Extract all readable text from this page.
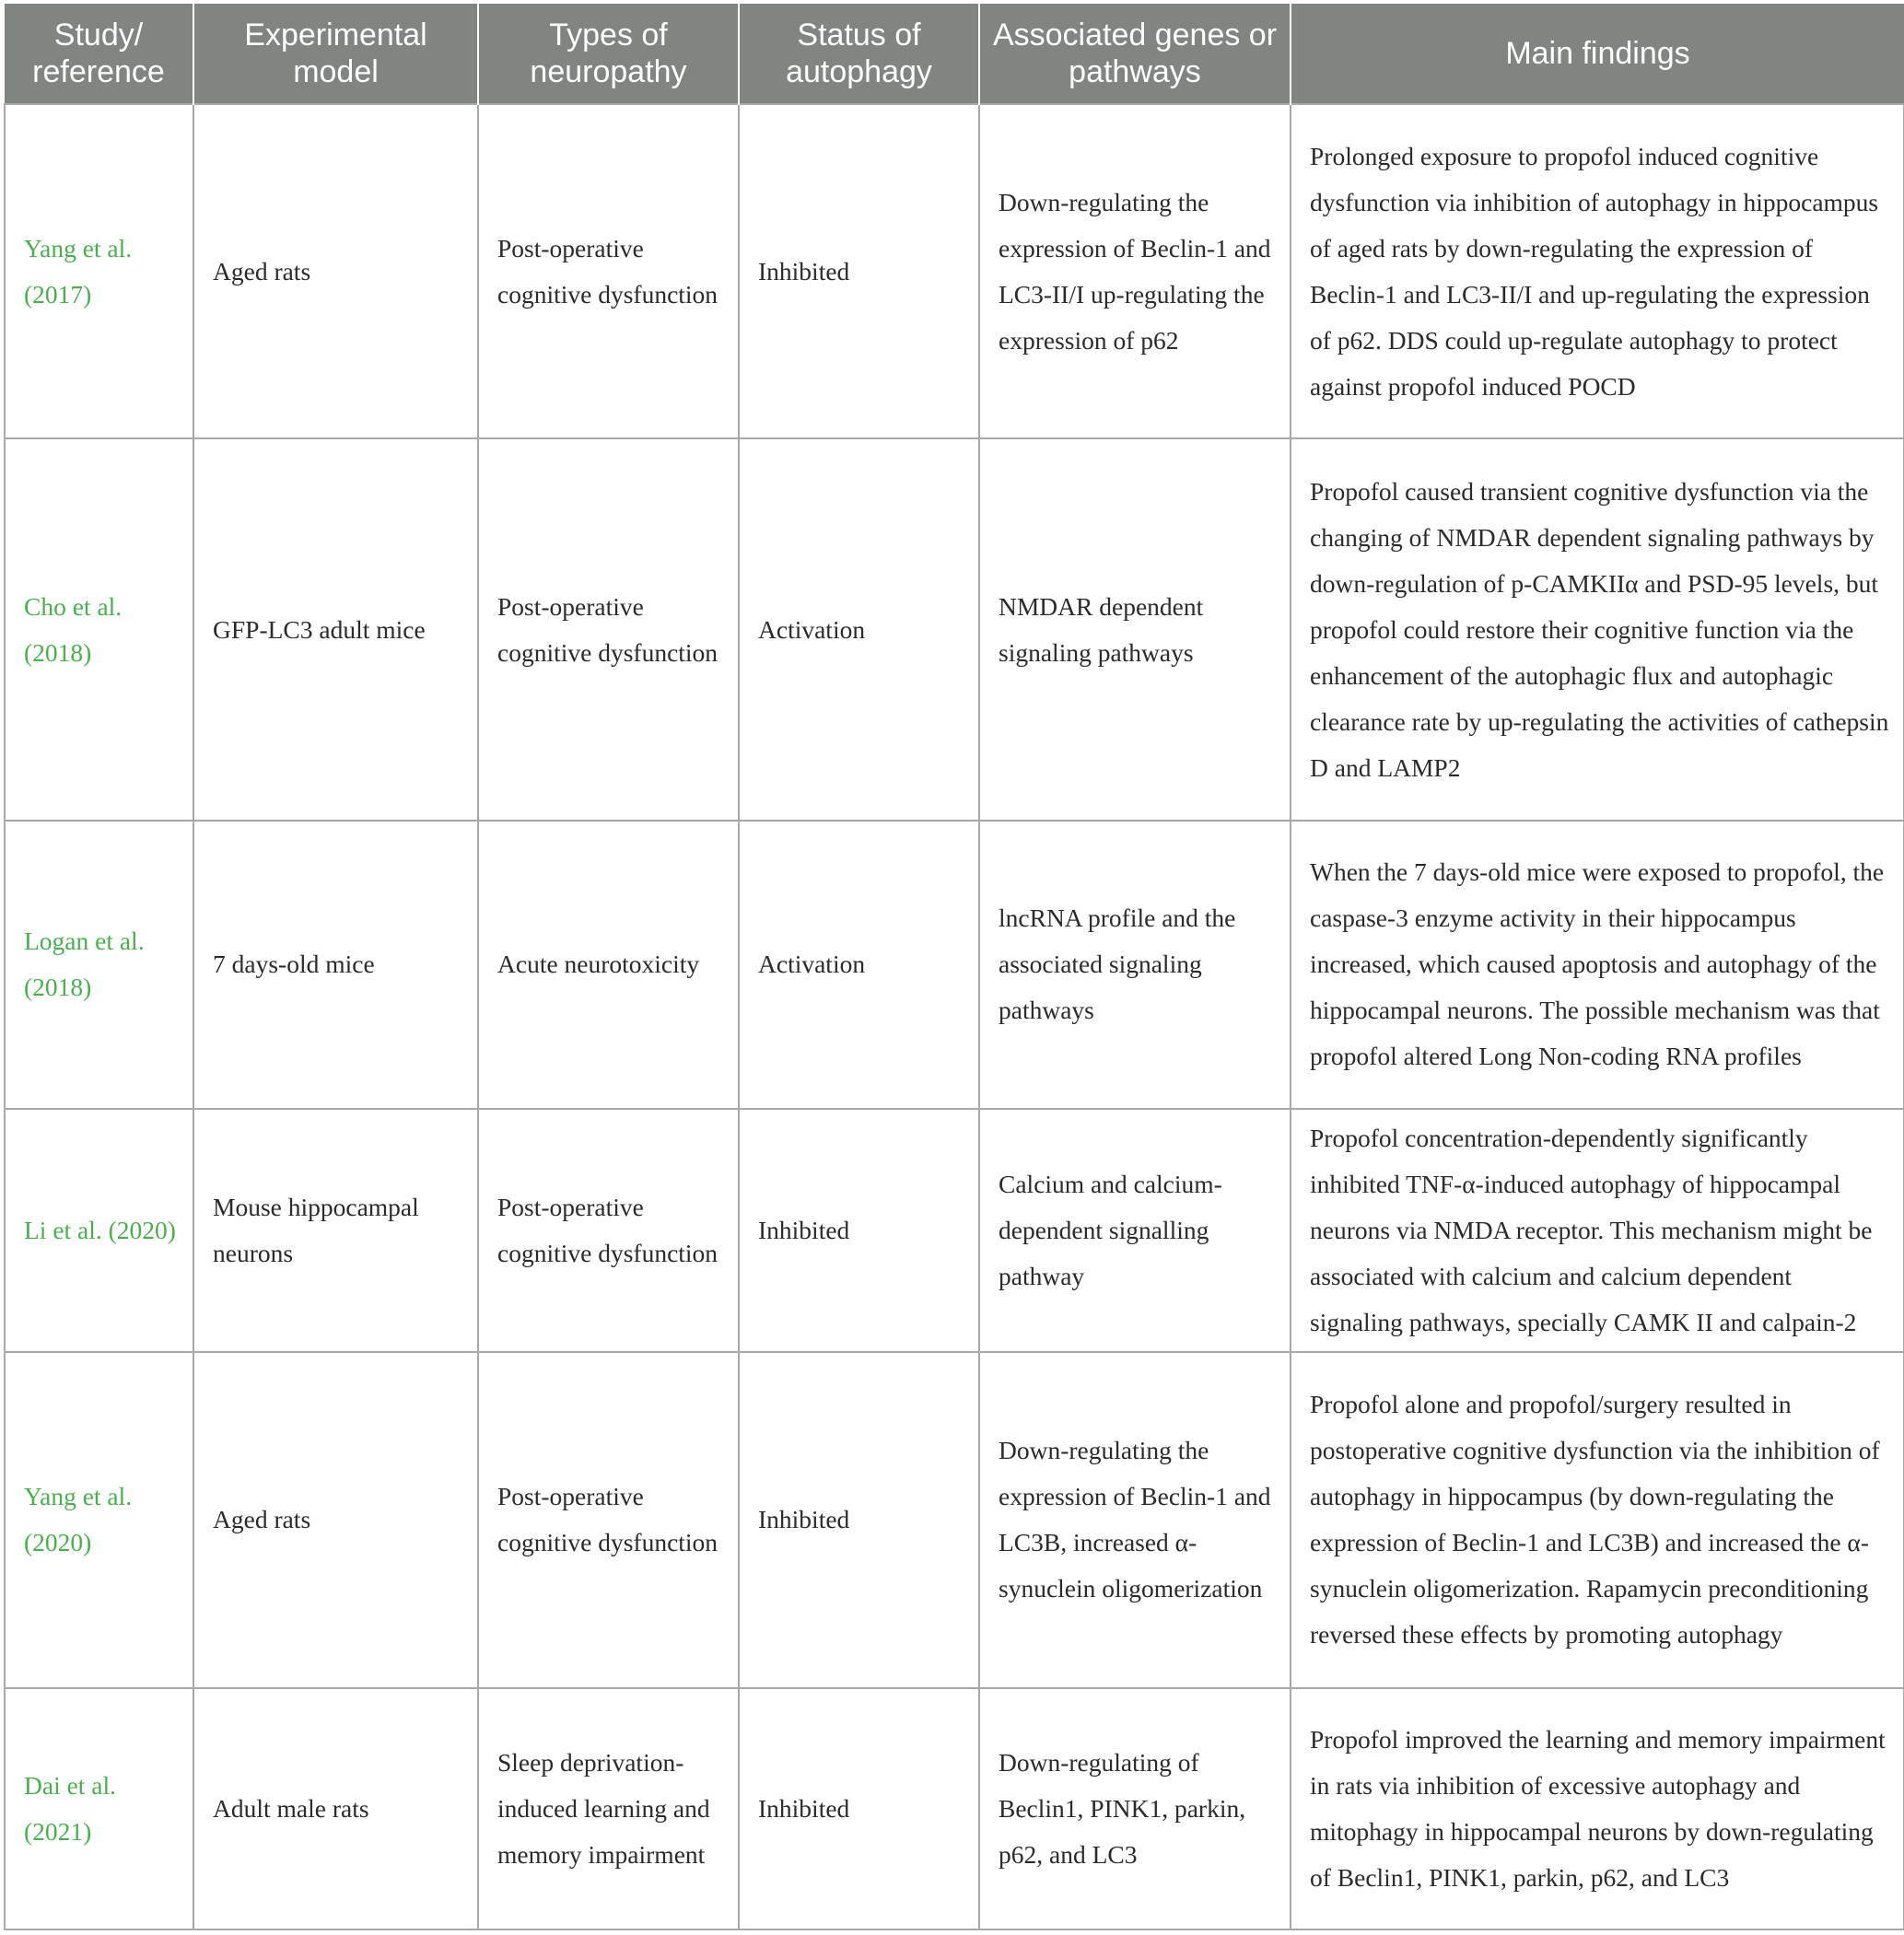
Study/ reference	Experimental model	Types of neuropathy	Status of autophagy	Associated genes or pathways	Main findings
Yang et al. (2017)	Aged rats	Post-operative cognitive dysfunction	Inhibited	Down-regulating the expression of Beclin-1 and LC3-II/I up-regulating the expression of p62	Prolonged exposure to propofol induced cognitive dysfunction via inhibition of autophagy in hippocampus of aged rats by down-regulating the expression of Beclin-1 and LC3-II/I and up-regulating the expression of p62. DDS could up-regulate autophagy to protect against propofol induced POCD
Cho et al. (2018)	GFP-LC3 adult mice	Post-operative cognitive dysfunction	Activation	NMDAR dependent signaling pathways	Propofol caused transient cognitive dysfunction via the changing of NMDAR dependent signaling pathways by down-regulation of p-CAMKIIα and PSD-95 levels, but propofol could restore their cognitive function via the enhancement of the autophagic flux and autophagic clearance rate by up-regulating the activities of cathepsin D and LAMP2
Logan et al. (2018)	7 days-old mice	Acute neurotoxicity	Activation	lncRNA profile and the associated signaling pathways	When the 7 days-old mice were exposed to propofol, the caspase-3 enzyme activity in their hippocampus increased, which caused apoptosis and autophagy of the hippocampal neurons. The possible mechanism was that propofol altered Long Non-coding RNA profiles
Li et al. (2020)	Mouse hippocampal neurons	Post-operative cognitive dysfunction	Inhibited	Calcium and calcium-dependent signalling pathway	Propofol concentration-dependently significantly inhibited TNF-α-induced autophagy of hippocampal neurons via NMDA receptor. This mechanism might be associated with calcium and calcium dependent signaling pathways, specially CAMK II and calpain-2
Yang et al. (2020)	Aged rats	Post-operative cognitive dysfunction	Inhibited	Down-regulating the expression of Beclin-1 and LC3B, increased α-synuclein oligomerization	Propofol alone and propofol/surgery resulted in postoperative cognitive dysfunction via the inhibition of autophagy in hippocampus (by down-regulating the expression of Beclin-1 and LC3B) and increased the α-synuclein oligomerization. Rapamycin preconditioning reversed these effects by promoting autophagy
Dai et al. (2021)	Adult male rats	Sleep deprivation-induced learning and memory impairment	Inhibited	Down-regulating of Beclin1, PINK1, parkin, p62, and LC3	Propofol improved the learning and memory impairment in rats via inhibition of excessive autophagy and mitophagy in hippocampal neurons by down-regulating of Beclin1, PINK1, parkin, p62, and LC3
